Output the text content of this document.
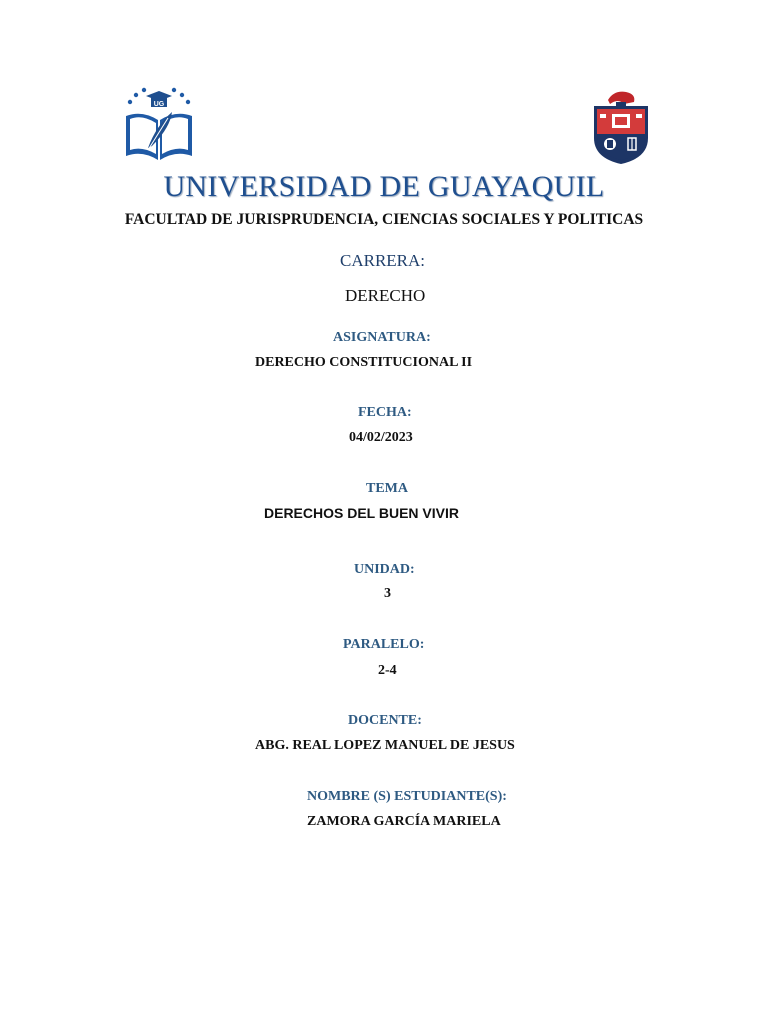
UG
UNIVERSIDAD DE GUAYAQUIL
FACULTAD DE JURISPRUDENCIA, CIENCIAS SOCIALES Y POLITICAS
CARRERA:
DERECHO
ASIGNATURA:
DERECHO CONSTITUCIONAL II
FECHA:
04/02/2023
TEMA
DERECHOS DEL BUEN VIVIR
UNIDAD:
3
PARALELO:
2-4
DOCENTE:
ABG. REAL LOPEZ MANUEL DE JESUS
NOMBRE (S) ESTUDIANTE(S):
ZAMORA GARCÍA MARIELA
